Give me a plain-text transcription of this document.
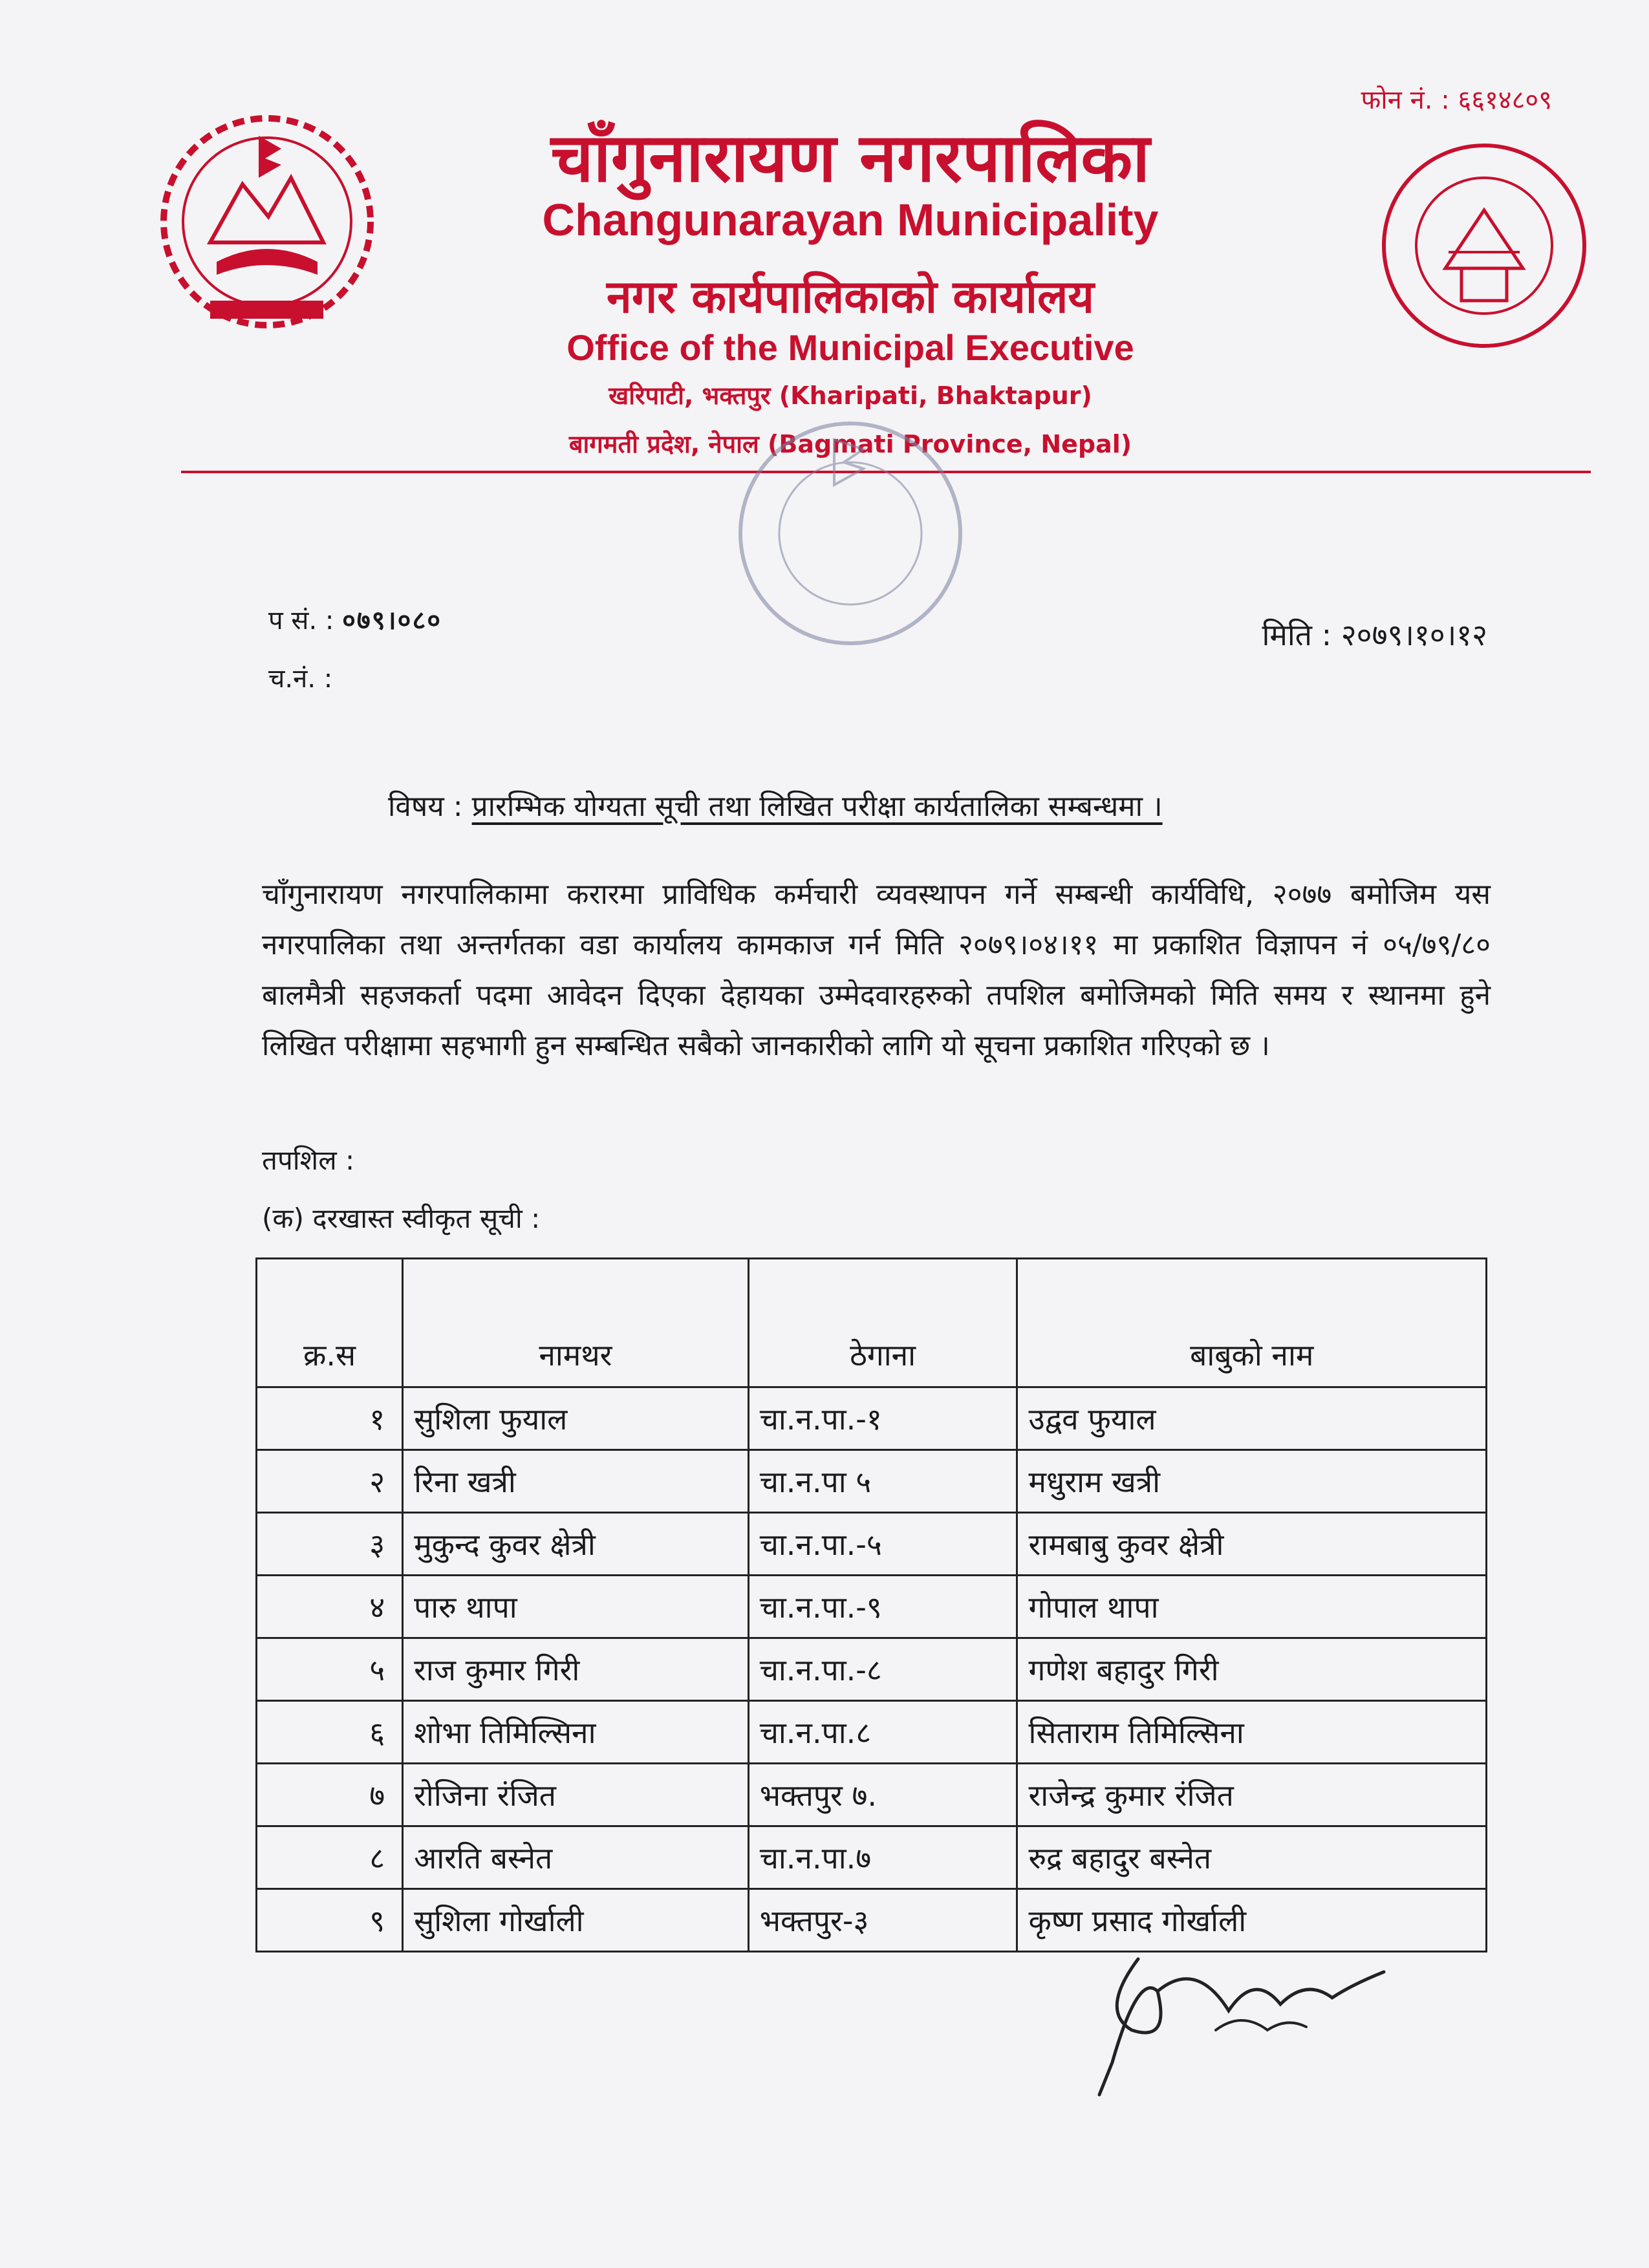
फोन नं. : ६६१४८०९
चाँगुनारायण नगरपालिका
Changunarayan Municipality
नगर कार्यपालिकाको कार्यालय
Office of the Municipal Executive
खरिपाटी, भक्तपुर (Kharipati, Bhaktapur)
बागमती प्रदेश, नेपाल (Bagmati Province, Nepal)
प सं. : ०७९।०८०
च.नं. :
मिति : २०७९।१०।१२
विषय : प्रारम्भिक योग्यता सूची तथा लिखित परीक्षा कार्यतालिका सम्बन्धमा ।
चाँगुनारायण नगरपालिकामा करारमा प्राविधिक कर्मचारी व्यवस्थापन गर्ने सम्बन्धी कार्यविधि, २०७७ बमोजिम यस नगरपालिका तथा अन्तर्गतका वडा कार्यालय कामकाज गर्न मिति २०७९।०४।११ मा प्रकाशित विज्ञापन नं ०५/७९/८० बालमैत्री सहजकर्ता पदमा आवेदन दिएका देहायका उम्मेदवारहरुको तपशिल बमोजिमको मिति समय र स्थानमा हुने लिखित परीक्षामा सहभागी हुन सम्बन्धित सबैको जानकारीको लागि यो सूचना प्रकाशित गरिएको छ ।
तपशिल :
(क) दरखास्त स्वीकृत सूची :
क्र.स	नामथर	ठेगाना	बाबुको नाम
१	सुशिला फुयाल	चा.न.पा.-१	उद्वव फुयाल
२	रिना खत्री	चा.न.पा ५	मधुराम खत्री
३	मुकुन्द कुवर क्षेत्री	चा.न.पा.-५	रामबाबु कुवर क्षेत्री
४	पारु थापा	चा.न.पा.-९	गोपाल थापा
५	राज कुमार गिरी	चा.न.पा.-८	गणेश बहादुर गिरी
६	शोभा तिमिल्सिना	चा.न.पा.८	सिताराम तिमिल्सिना
७	रोजिना रंजित	भक्तपुर ७.	राजेन्द्र कुमार रंजित
८	आरति बस्नेत	चा.न.पा.७	रुद्र बहादुर बस्नेत
९	सुशिला गोर्खाली	भक्तपुर-३	कृष्ण प्रसाद गोर्खाली
